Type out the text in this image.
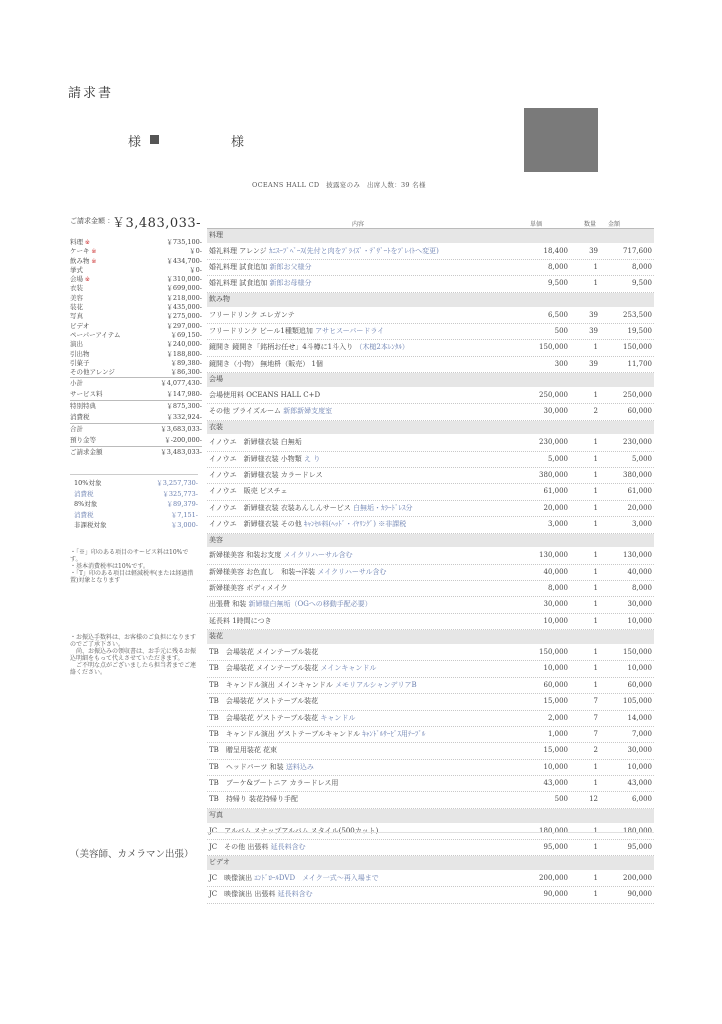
請求書
様	様
OCEANS HALL CD　披露宴のみ　出席人数：39 名様
ご請求金額 ：
￥3,483,033-
料理 ※	￥735,100-
ケーキ ※	￥0-
飲み物 ※	￥434,700-
挙式	￥0-
会場 ※	￥310,000-
衣装	￥699,000-
美容	￥218,000-
装花	￥435,000-
写真	￥275,000-
ビデオ	￥297,000-
ペーパーアイテム	￥69,150-
演出	￥240,000-
引出物	￥188,800-
引菓子	￥89,380-
その他アレンジ	￥86,300-
小計	￥4,077,430-
サービス料	￥147,980-
特別特典	￥875,300-
消費税	￥332,924-
合計	￥3,683,033-
預り金等	￥-200,000-
ご請求金額	￥3,483,033-
10%対象	￥3,257,730-
消費税	￥325,773-
8%対象	￥89,379-
消費税	￥7,151-
非課税対象	￥3,000-
・「※」印のある項目のサービス料は10%です。
・基本消費税率は10%です。
・「T」印のある項目は軽減税率(または経過措置)対象となります
・お振込手数料は、お客様のご負担になりますのでご了承下さい。
　尚、お振込みの領収書は、お手元に残るお振込明細をもって代えさせていただきます。
　ご不明な点がございましたら担当者までご連絡ください。
（美容師、カメラマン出張）
内容	単価	数量 金額
料理
婚礼料理 アレンジ ｶﾆｽｰﾌﾟﾍﾞｰｽ(先付と肉をﾌﾟﾗｲｽﾞ・ﾃﾞｻﾞｰﾄをﾌﾟﾚｲﾄへ変更)	18,400	39	717,600
婚礼料理 試食追加 新郎お父様分	8,000	1	8,000
婚礼料理 試食追加 新郎お母様分	9,500	1	9,500
飲み物
フリードリンク エレガンテ	6,500	39	253,500
フリードリンク ビール1種類追加 アサヒスーパードライ	500	39	19,500
鏡開き 鏡開き「銘柄お任せ」4斗樽に1斗入り （木槌2本ﾚﾝﾀﾙ）	150,000	1	150,000
鏡開き（小物） 無地枡（販売） 1個	300	39	11,700
会場
会場使用料 OCEANS HALL C+D	250,000	1	250,000
その他 プライズルーム 新郎新婦支度室	30,000	2	60,000
衣装
イノウエ　新婦様衣装 白無垢	230,000	1	230,000
イノウエ　新婦様衣装 小物類 え り	5,000	1	5,000
イノウエ　新婦様衣装 カラードレス	380,000	1	380,000
イノウエ　販売 ビスチェ	61,000	1	61,000
イノウエ　新婦様衣装 衣装あんしんサービス 白無垢・ｶﾗｰﾄﾞﾚｽ分	20,000	1	20,000
イノウエ　新婦様衣装 その他 ｷｬﾝｾﾙ料(ﾍｯﾄﾞ・ｲﾔﾘﾝｸﾞ) ※非課税	3,000	1	3,000
美容
新婦様美容 和装お支度 メイクリハーサル含む	130,000	1	130,000
新婦様美容 お色直し　和装→洋装 メイクリハーサル含む	40,000	1	40,000
新婦様美容 ボディメイク	8,000	1	8,000
出張費 和装 新婦様白無垢（OGへの移動手配必要）	30,000	1	30,000
延長料 1時間につき	10,000	1	10,000
装花
TB　会場装花 メインテーブル装花	150,000	1	150,000
TB　会場装花 メインテーブル装花 メインキャンドル	10,000	1	10,000
TB　キャンドル演出 メインキャンドル メモリアルシャンデリアB	60,000	1	60,000
TB　会場装花 ゲストテーブル装花	15,000	7	105,000
TB　会場装花 ゲストテーブル装花 キャンドル	2,000	7	14,000
TB　キャンドル演出 ゲストテーブルキャンドル ｷｬﾝﾄﾞﾙｻｰﾋﾞｽ用ﾃｰﾌﾞﾙ	1,000	7	7,000
TB　贈呈用装花 花束	15,000	2	30,000
TB　ヘッドパーツ 和装 送料込み	10,000	1	10,000
TB　ブーケ&ブートニア カラードレス用	43,000	1	43,000
TB　持帰り 装花持帰り手配	500	12	6,000
写真
JC　アルバム スナップアルバム スタイル(500カット)	180,000	1	180,000
JC　その他 出張料 延長料含む	95,000	1	95,000
ビデオ
JC　映像演出 ｴﾝﾄﾞﾛｰﾙDVD　メイク一式～再入場まで	200,000	1	200,000
JC　映像演出 出張料 延長料含む	90,000	1	90,000
